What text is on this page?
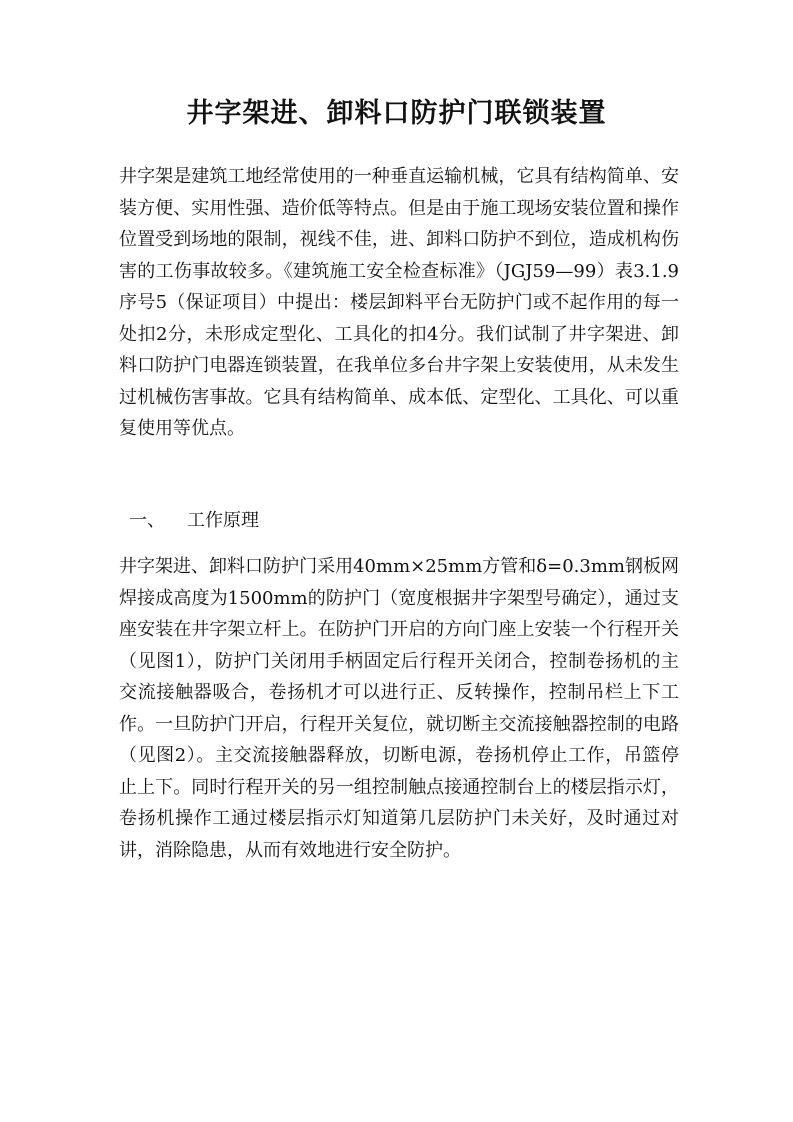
井字架进、卸料口防护门联锁装置

井字架是建筑工地经常使用的一种垂直运输机械，它具有结构简单、安装方便、实用性强、造价低等特点。但是由于施工现场安装位置和操作位置受到场地的限制，视线不佳，进、卸料口防护不到位，造成机构伤害的工伤事故较多。《建筑施工安全检查标准》（JGJ59—99）表3.1.9序号5（保证项目）中提出：楼层卸料平台无防护门或不起作用的每一处扣2分，未形成定型化、工具化的扣4分。我们试制了井字架进、卸料口防护门电器连锁装置，在我单位多台井字架上安装使用，从未发生过机械伤害事故。它具有结构简单、成本低、定型化、工具化、可以重复使用等优点。

一、 工作原理

井字架进、卸料口防护门采用40mm×25mm方管和δ=0.3mm钢板网焊接成高度为1500mm的防护门（宽度根据井字架型号确定），通过支座安装在井字架立杆上。在防护门开启的方向门座上安装一个行程开关（见图1），防护门关闭用手柄固定后行程开关闭合，控制卷扬机的主交流接触器吸合，卷扬机才可以进行正、反转操作，控制吊栏上下工作。一旦防护门开启，行程开关复位，就切断主交流接触器控制的电路（见图2）。主交流接触器释放，切断电源，卷扬机停止工作，吊篮停止上下。同时行程开关的另一组控制触点接通控制台上的楼层指示灯，卷扬机操作工通过楼层指示灯知道第几层防护门未关好，及时通过对讲，消除隐患，从而有效地进行安全防护。
